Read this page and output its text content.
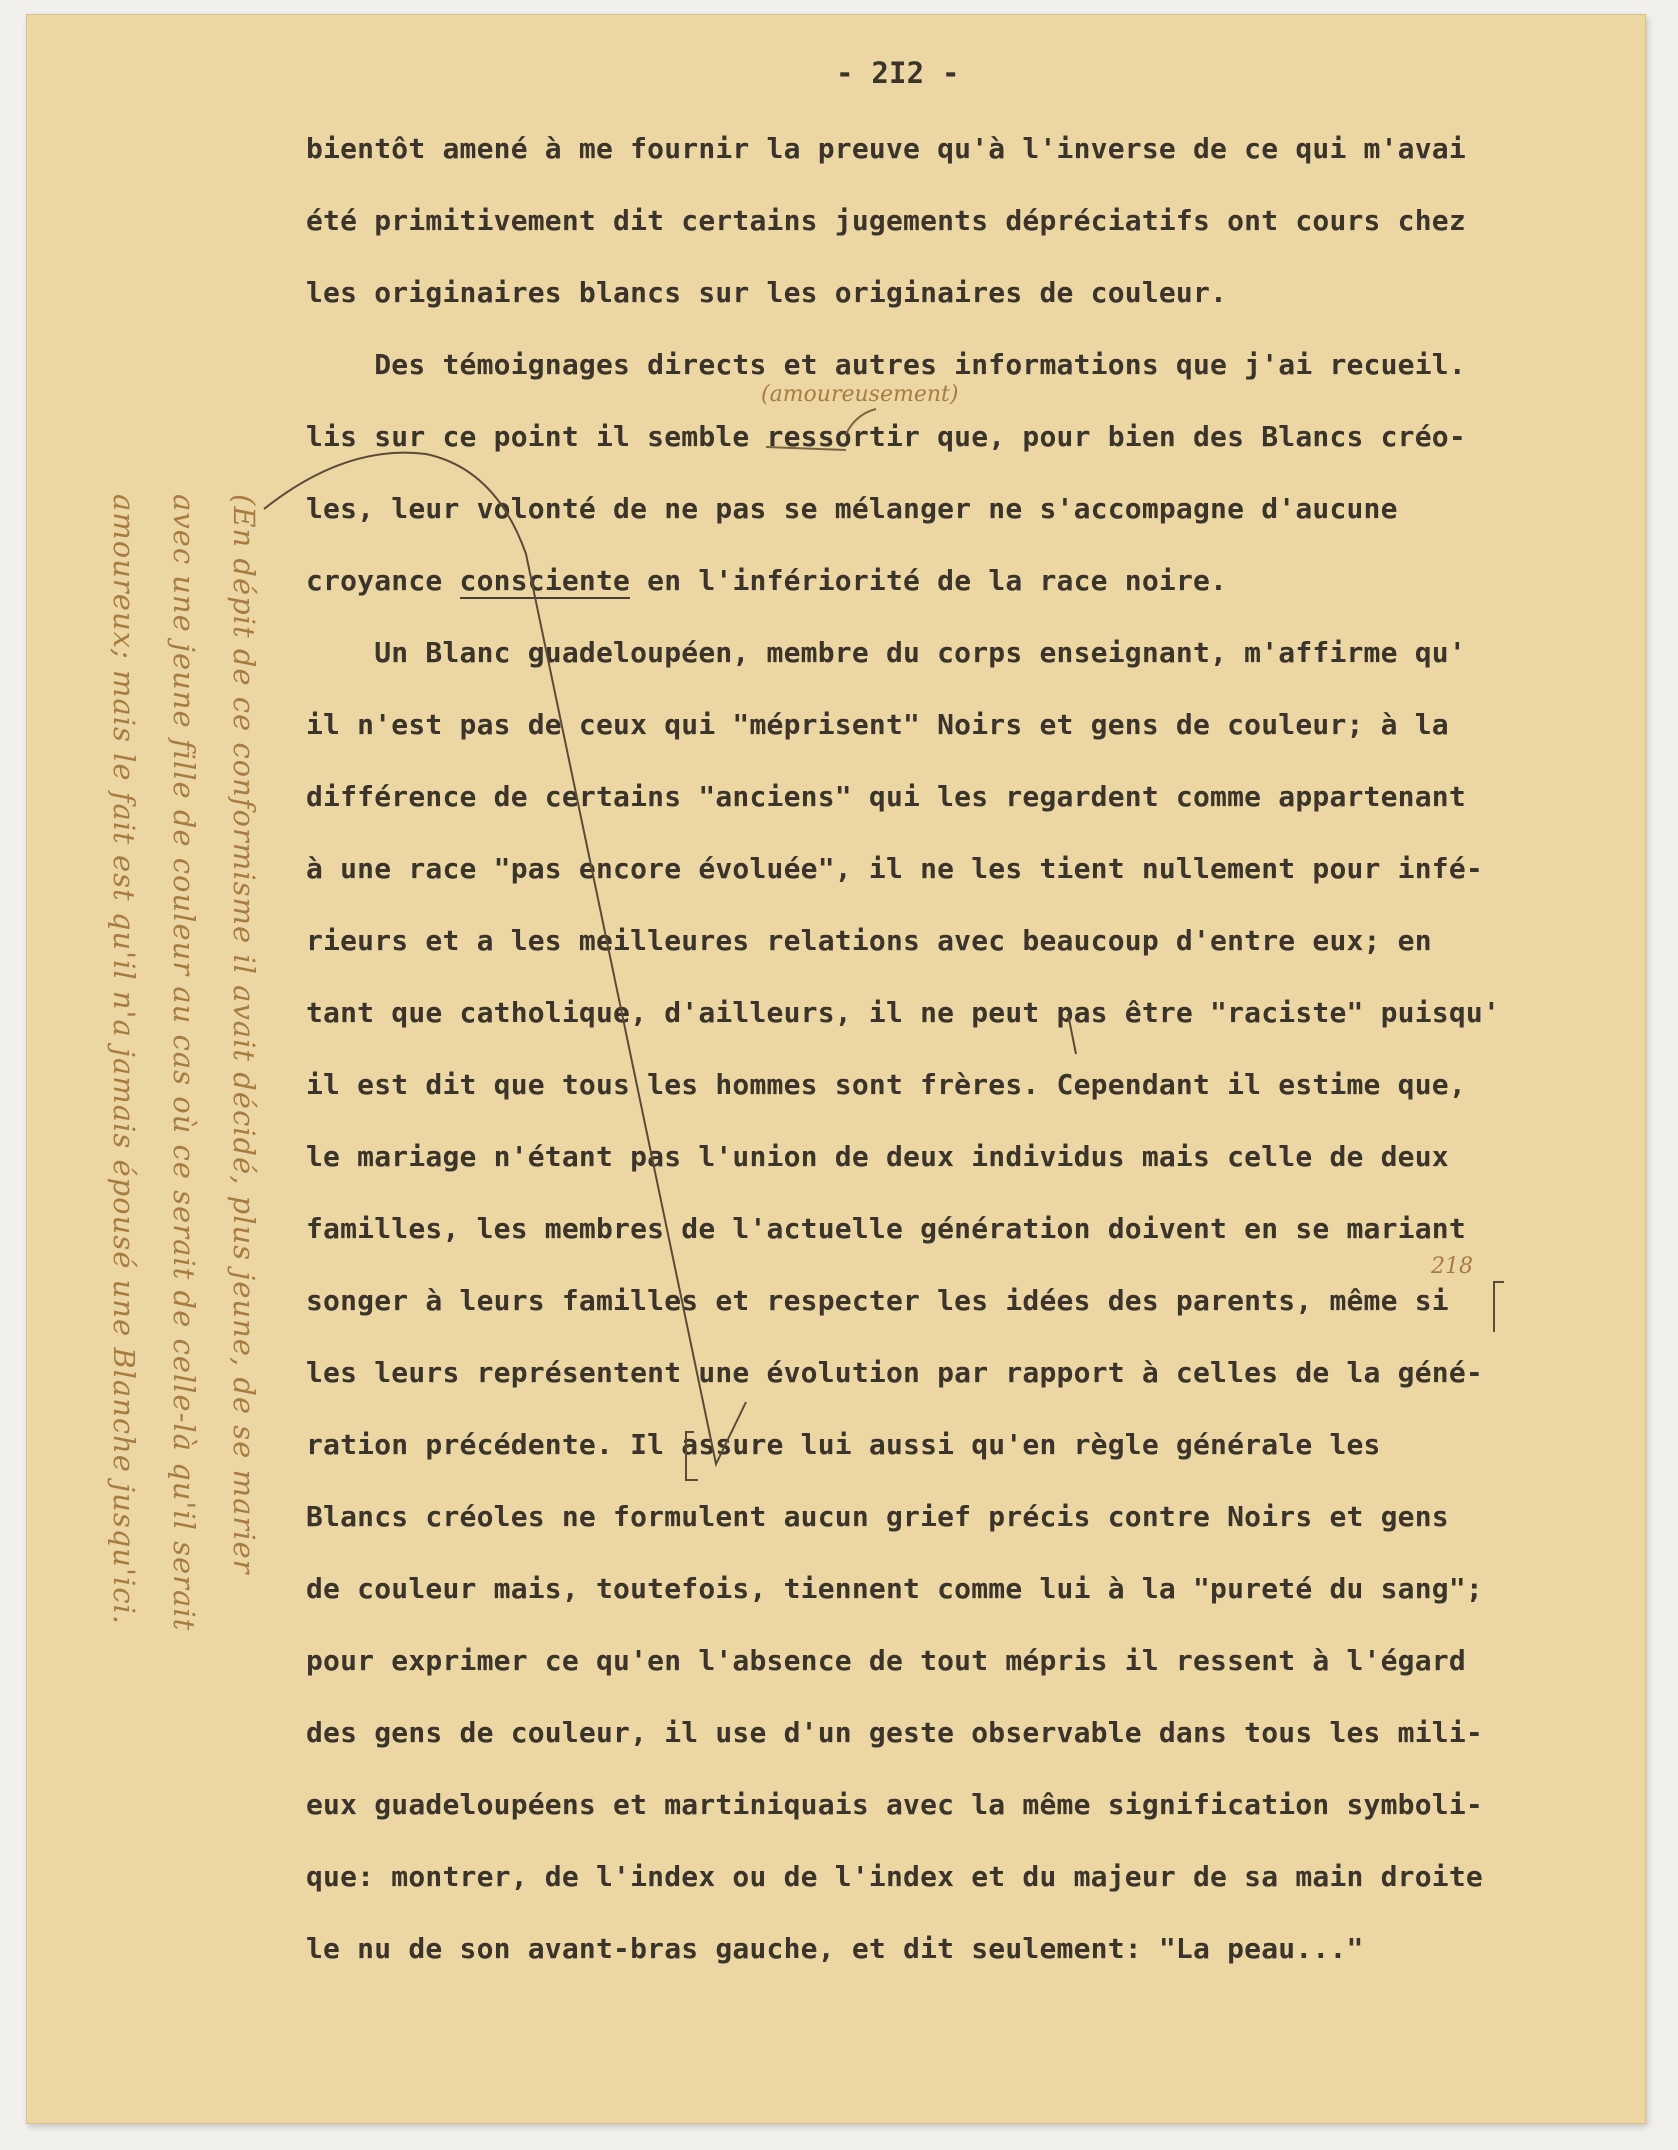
- 2I2 -
bientôt amené à me fournir la preuve qu'à l'inverse de ce qui m'avai
été primitivement dit certains jugements dépréciatifs ont cours chez
les originaires blancs sur les originaires de couleur.
Des témoignages directs et autres informations que j'ai recueil.
lis sur ce point il semble ressortir que, pour bien des Blancs créo-
les, leur volonté de ne pas se mélanger ne s'accompagne d'aucune
croyance consciente en l'infériorité de la race noire.
Un Blanc guadeloupéen, membre du corps enseignant, m'affirme qu'
il n'est pas de ceux qui "méprisent" Noirs et gens de couleur; à la
différence de certains "anciens" qui les regardent comme appartenant
à une race "pas encore évoluée", il ne les tient nullement pour infé-
rieurs et a les meilleures relations avec beaucoup d'entre eux; en
tant que catholique, d'ailleurs, il ne peut pas être "raciste" puisqu'
il est dit que tous les hommes sont frères. Cependant il estime que,
le mariage n'étant pas l'union de deux individus mais celle de deux
familles, les membres de l'actuelle génération doivent en se mariant
songer à leurs familles et respecter les idées des parents, même si
les leurs représentent une évolution par rapport à celles de la géné-
ration précédente. Il assure lui aussi qu'en règle générale les
Blancs créoles ne formulent aucun grief précis contre Noirs et gens
de couleur mais, toutefois, tiennent comme lui à la "pureté du sang";
pour exprimer ce qu'en l'absence de tout mépris il ressent à l'égard
des gens de couleur, il use d'un geste observable dans tous les mili-
eux guadeloupéens et martiniquais avec la même signification symboli-
que: montrer, de l'index ou de l'index et du majeur de sa main droite
le nu de son avant-bras gauche, et dit seulement: "La peau..."
(amoureusement)
218
(En dépit de ce conformisme il avait décidé, plus jeune, de se marier
avec une jeune fille de couleur au cas où ce serait de celle-là qu'il serait
amoureux; mais le fait est qu'il n'a jamais épousé une Blanche jusqu'ici.
